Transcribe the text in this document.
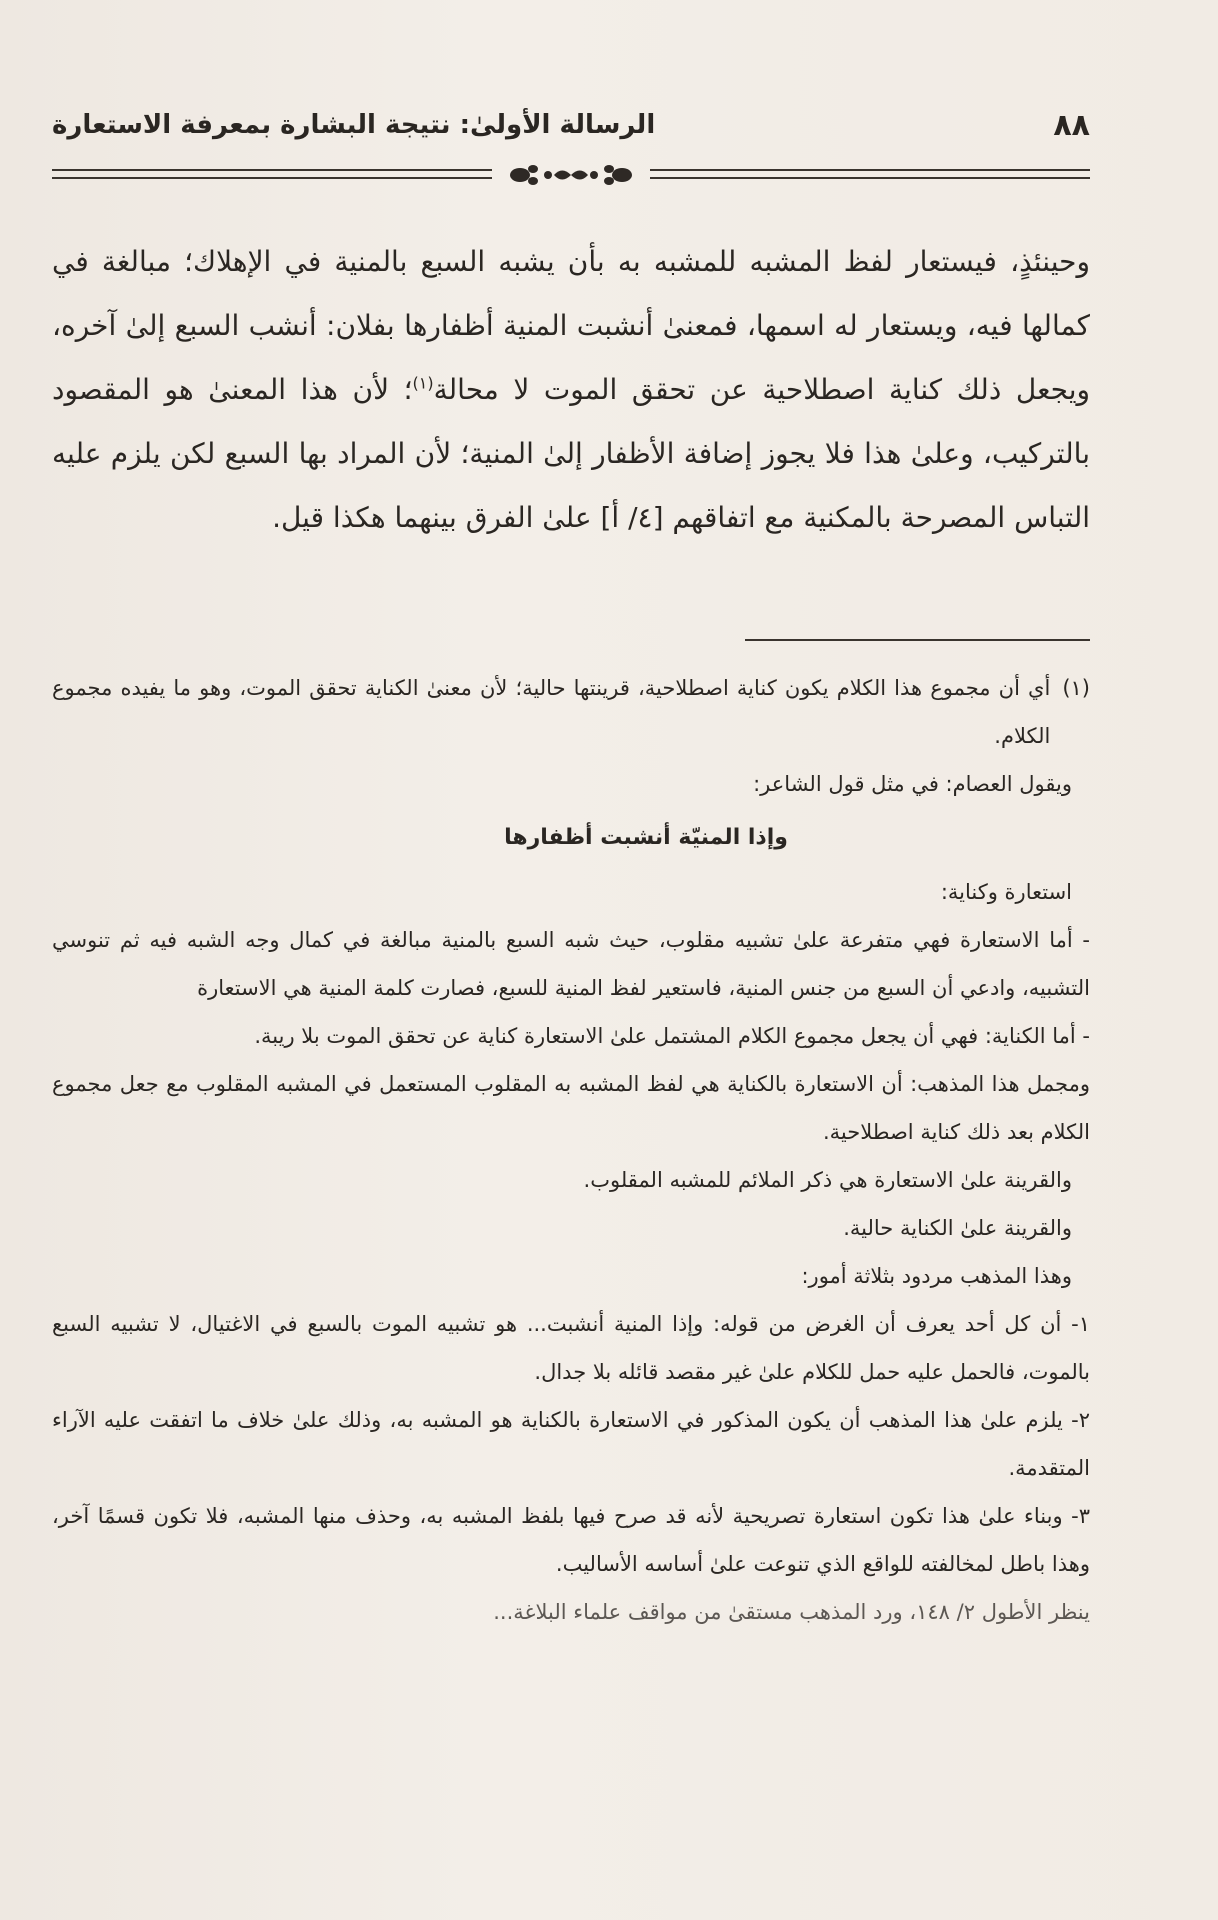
٨٨
الرسالة الأولىٰ: نتيجة البشارة بمعرفة الاستعارة

وحينئذٍ، فيستعار لفظ المشبه للمشبه به بأن يشبه السبع بالمنية في الإهلاك؛ مبالغة في كمالها فيه، ويستعار له اسمها، فمعنىٰ أنشبت المنية أظفارها بفلان: أنشب السبع إلىٰ آخره، ويجعل ذلك كناية اصطلاحية عن تحقق الموت لا محالة$^{(١)}$؛ لأن هذا المعنىٰ هو المقصود بالتركيب، وعلىٰ هذا فلا يجوز إضافة الأظفار إلىٰ المنية؛ لأن المراد بها السبع لكن يلزم عليه التباس المصرحة بالمكنية مع اتفاقهم [٤/ أ] علىٰ الفرق بينهما هكذا قيل.

(١)
أي أن مجموع هذا الكلام يكون كناية اصطلاحية، قرينتها حالية؛ لأن معنىٰ الكناية تحقق الموت، وهو ما يفيده مجموع الكلام.

ويقول العصام: في مثل قول الشاعر:

وإذا المنيّة أنشبت أظفارها

استعارة وكناية:

- أما الاستعارة فهي متفرعة علىٰ تشبيه مقلوب، حيث شبه السبع بالمنية مبالغة في كمال وجه الشبه فيه ثم تنوسي التشبيه، وادعي أن السبع من جنس المنية، فاستعير لفظ المنية للسبع، فصارت كلمة المنية هي الاستعارة

- أما الكناية: فهي أن يجعل مجموع الكلام المشتمل علىٰ الاستعارة كناية عن تحقق الموت بلا ريبة.

ومجمل هذا المذهب: أن الاستعارة بالكناية هي لفظ المشبه به المقلوب المستعمل في المشبه المقلوب مع جعل مجموع الكلام بعد ذلك كناية اصطلاحية.

والقرينة علىٰ الاستعارة هي ذكر الملائم للمشبه المقلوب.

والقرينة علىٰ الكناية حالية.

وهذا المذهب مردود بثلاثة أمور:

١- أن كل أحد يعرف أن الغرض من قوله: وإذا المنية أنشبت... هو تشبيه الموت بالسبع في الاغتيال، لا تشبيه السبع بالموت، فالحمل عليه حمل للكلام علىٰ غير مقصد قائله بلا جدال.

٢- يلزم علىٰ هذا المذهب أن يكون المذكور في الاستعارة بالكناية هو المشبه به، وذلك علىٰ خلاف ما اتفقت عليه الآراء المتقدمة.

٣- وبناء علىٰ هذا تكون استعارة تصريحية لأنه قد صرح فيها بلفظ المشبه به، وحذف منها المشبه، فلا تكون قسمًا آخر، وهذا باطل لمخالفته للواقع الذي تنوعت علىٰ أساسه الأساليب.

ينظر الأطول ٢/ ١٤٨، ورد المذهب مستقىٰ من مواقف علماء البلاغة...
